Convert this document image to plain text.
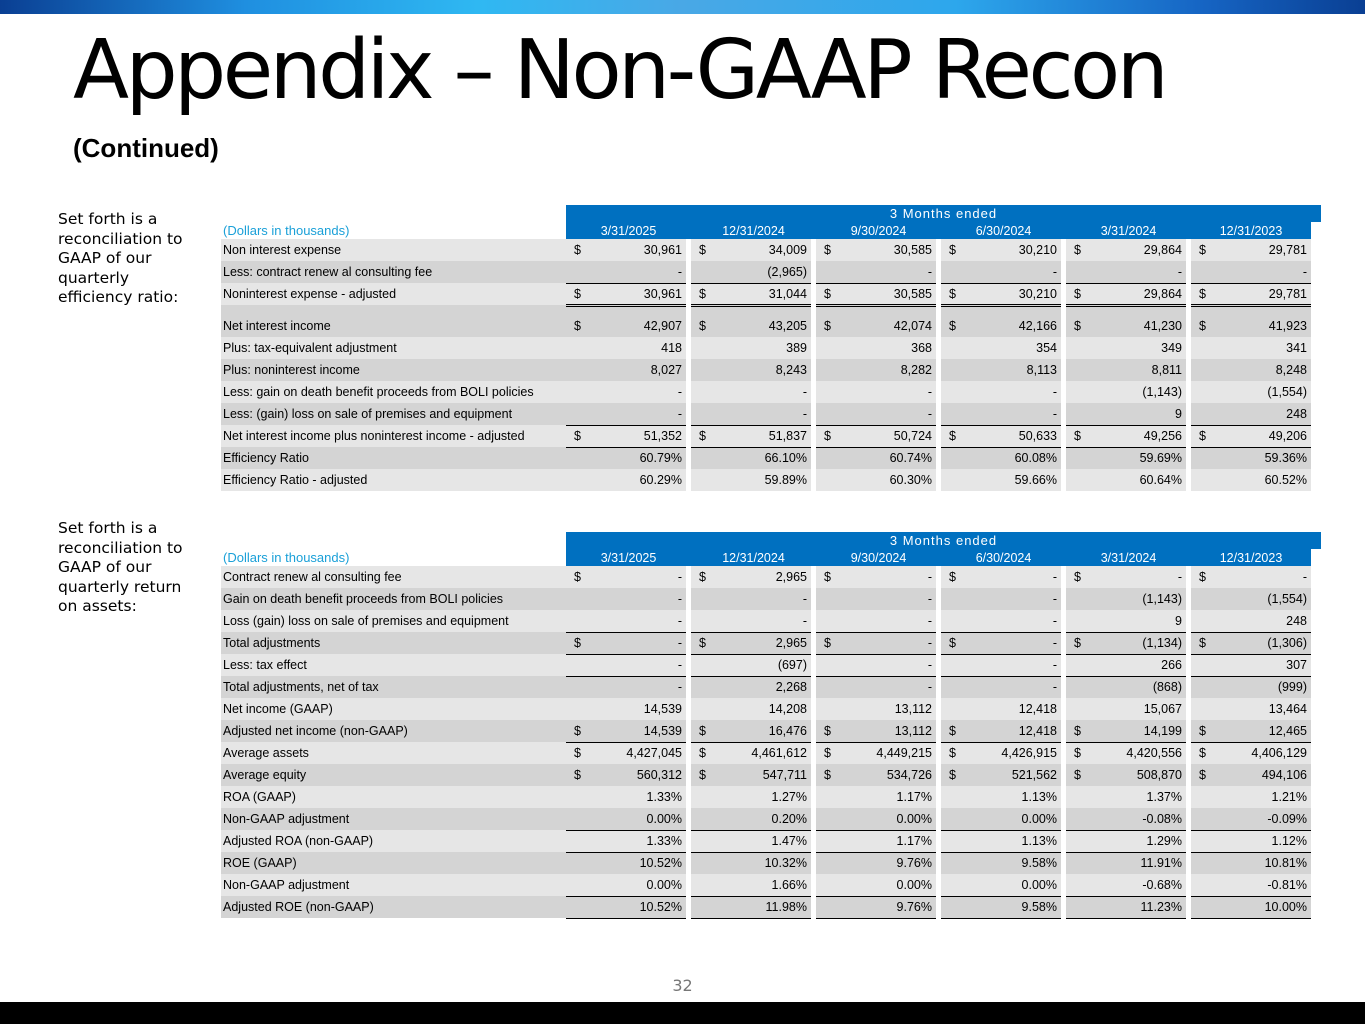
Appendix – Non-GAAP Recon
(Continued)
Set forth is a reconciliation to GAAP of our quarterly efficiency ratio:
Set forth is a reconciliation to GAAP of our quarterly return on assets:
	3 Months ended																
(Dollars in thousands)	3/31/2025			12/31/2024			9/30/2024			6/30/2024			3/31/2024			12/31/2023	
Non interest expense	$	30,961		$	34,009		$	30,585		$	30,210		$	29,864		$	29,781
Less: contract renew al consulting fee		-			(2,965)			-			-			-			-
Noninterest expense - adjusted	$	30,961		$	31,044		$	30,585		$	30,210		$	29,864		$	29,781

Net interest income	$	42,907		$	43,205		$	42,074		$	42,166		$	41,230		$	41,923
Plus: tax-equivalent adjustment		418			389			368			354			349			341
Plus: noninterest income		8,027			8,243			8,282			8,113			8,811			8,248
Less: gain on death benefit proceeds from BOLI policies		-			-			-			-			(1,143)			(1,554)
Less: (gain) loss on sale of premises and equipment		-			-			-			-			9			248
Net interest income plus noninterest income - adjusted	$	51,352		$	51,837		$	50,724		$	50,633		$	49,256		$	49,206
Efficiency Ratio		60.79%			66.10%			60.74%			60.08%			59.69%			59.36%
Efficiency Ratio - adjusted		60.29%			59.89%			60.30%			59.66%			60.64%			60.52%
	3 Months ended																
(Dollars in thousands)	3/31/2025			12/31/2024			9/30/2024			6/30/2024			3/31/2024			12/31/2023	
Contract renew al consulting fee	$	-		$	2,965		$	-		$	-		$	-		$	-
Gain on death benefit proceeds from BOLI policies		-			-			-			-			(1,143)			(1,554)
Loss (gain) loss on sale of premises and equipment		-			-			-			-			9			248
Total adjustments	$	-		$	2,965		$	-		$	-		$	(1,134)		$	(1,306)
Less: tax effect		-			(697)			-			-			266			307
Total adjustments, net of tax		-			2,268			-			-			(868)			(999)
Net income (GAAP)		14,539			14,208			13,112			12,418			15,067			13,464
Adjusted net income (non-GAAP)	$	14,539		$	16,476		$	13,112		$	12,418		$	14,199		$	12,465
Average assets	$	4,427,045		$	4,461,612		$	4,449,215		$	4,426,915		$	4,420,556		$	4,406,129
Average equity	$	560,312		$	547,711		$	534,726		$	521,562		$	508,870		$	494,106
ROA (GAAP)		1.33%			1.27%			1.17%			1.13%			1.37%			1.21%
Non-GAAP adjustment		0.00%			0.20%			0.00%			0.00%			-0.08%			-0.09%
Adjusted ROA (non-GAAP)		1.33%			1.47%			1.17%			1.13%			1.29%			1.12%
ROE (GAAP)		10.52%			10.32%			9.76%			9.58%			11.91%			10.81%
Non-GAAP adjustment		0.00%			1.66%			0.00%			0.00%			-0.68%			-0.81%
Adjusted ROE (non-GAAP)		10.52%			11.98%			9.76%			9.58%			11.23%			10.00%
32
